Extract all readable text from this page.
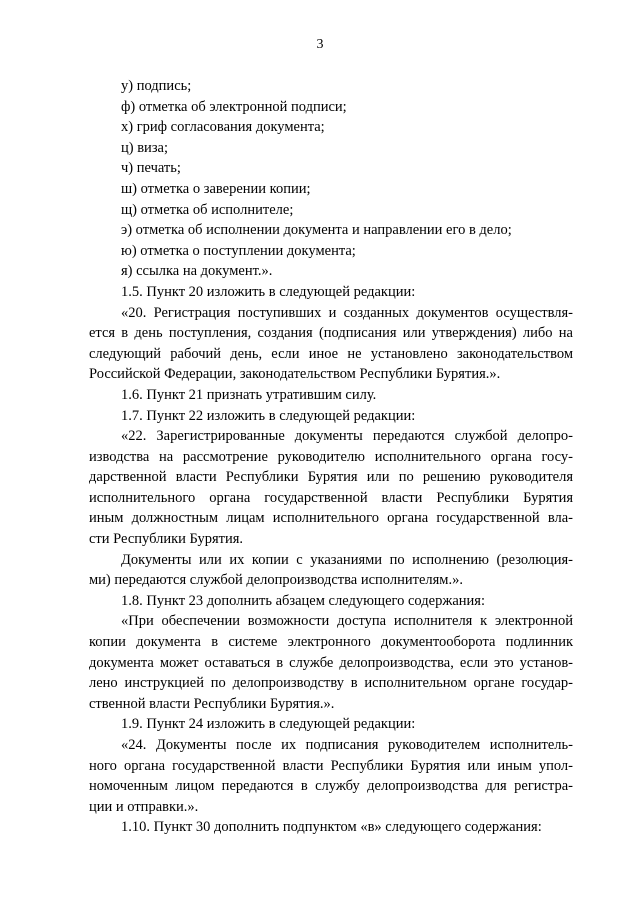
3
у) подпись;
ф) отметка об электронной подписи;
х) гриф согласования документа;
ц) виза;
ч) печать;
ш) отметка о заверении копии;
щ) отметка об исполнителе;
э) отметка об исполнении документа и направлении его в дело;
ю) отметка о поступлении документа;
я) ссылка на документ.».
1.5. Пункт 20 изложить в следующей редакции:
«20. Регистрация поступивших и созданных документов осуществля-
ется в день поступления, создания (подписания или утверждения) либо на
следующий рабочий день, если иное не установлено законодательством
Российской Федерации, законодательством Республики Бурятия.».
1.6. Пункт 21 признать утратившим силу.
1.7. Пункт 22 изложить в следующей редакции:
«22. Зарегистрированные документы передаются службой делопро-
изводства на рассмотрение руководителю исполнительного органа госу-
дарственной власти Республики Бурятия или по решению руководителя
исполнительного органа государственной власти Республики Бурятия
иным должностным лицам исполнительного органа государственной вла-
сти Республики Бурятия.
Документы или их копии с указаниями по исполнению (резолюция-
ми) передаются службой делопроизводства исполнителям.».
1.8. Пункт 23 дополнить абзацем следующего содержания:
«При обеспечении возможности доступа исполнителя к электронной
копии документа в системе электронного документооборота подлинник
документа может оставаться в службе делопроизводства, если это установ-
лено инструкцией по делопроизводству в исполнительном органе государ-
ственной власти Республики Бурятия.».
1.9. Пункт 24 изложить в следующей редакции:
«24. Документы после их подписания руководителем исполнитель-
ного органа государственной власти Республики Бурятия или иным упол-
номоченным лицом передаются в службу делопроизводства для регистра-
ции и отправки.».
1.10. Пункт 30 дополнить подпунктом «в» следующего содержания:
